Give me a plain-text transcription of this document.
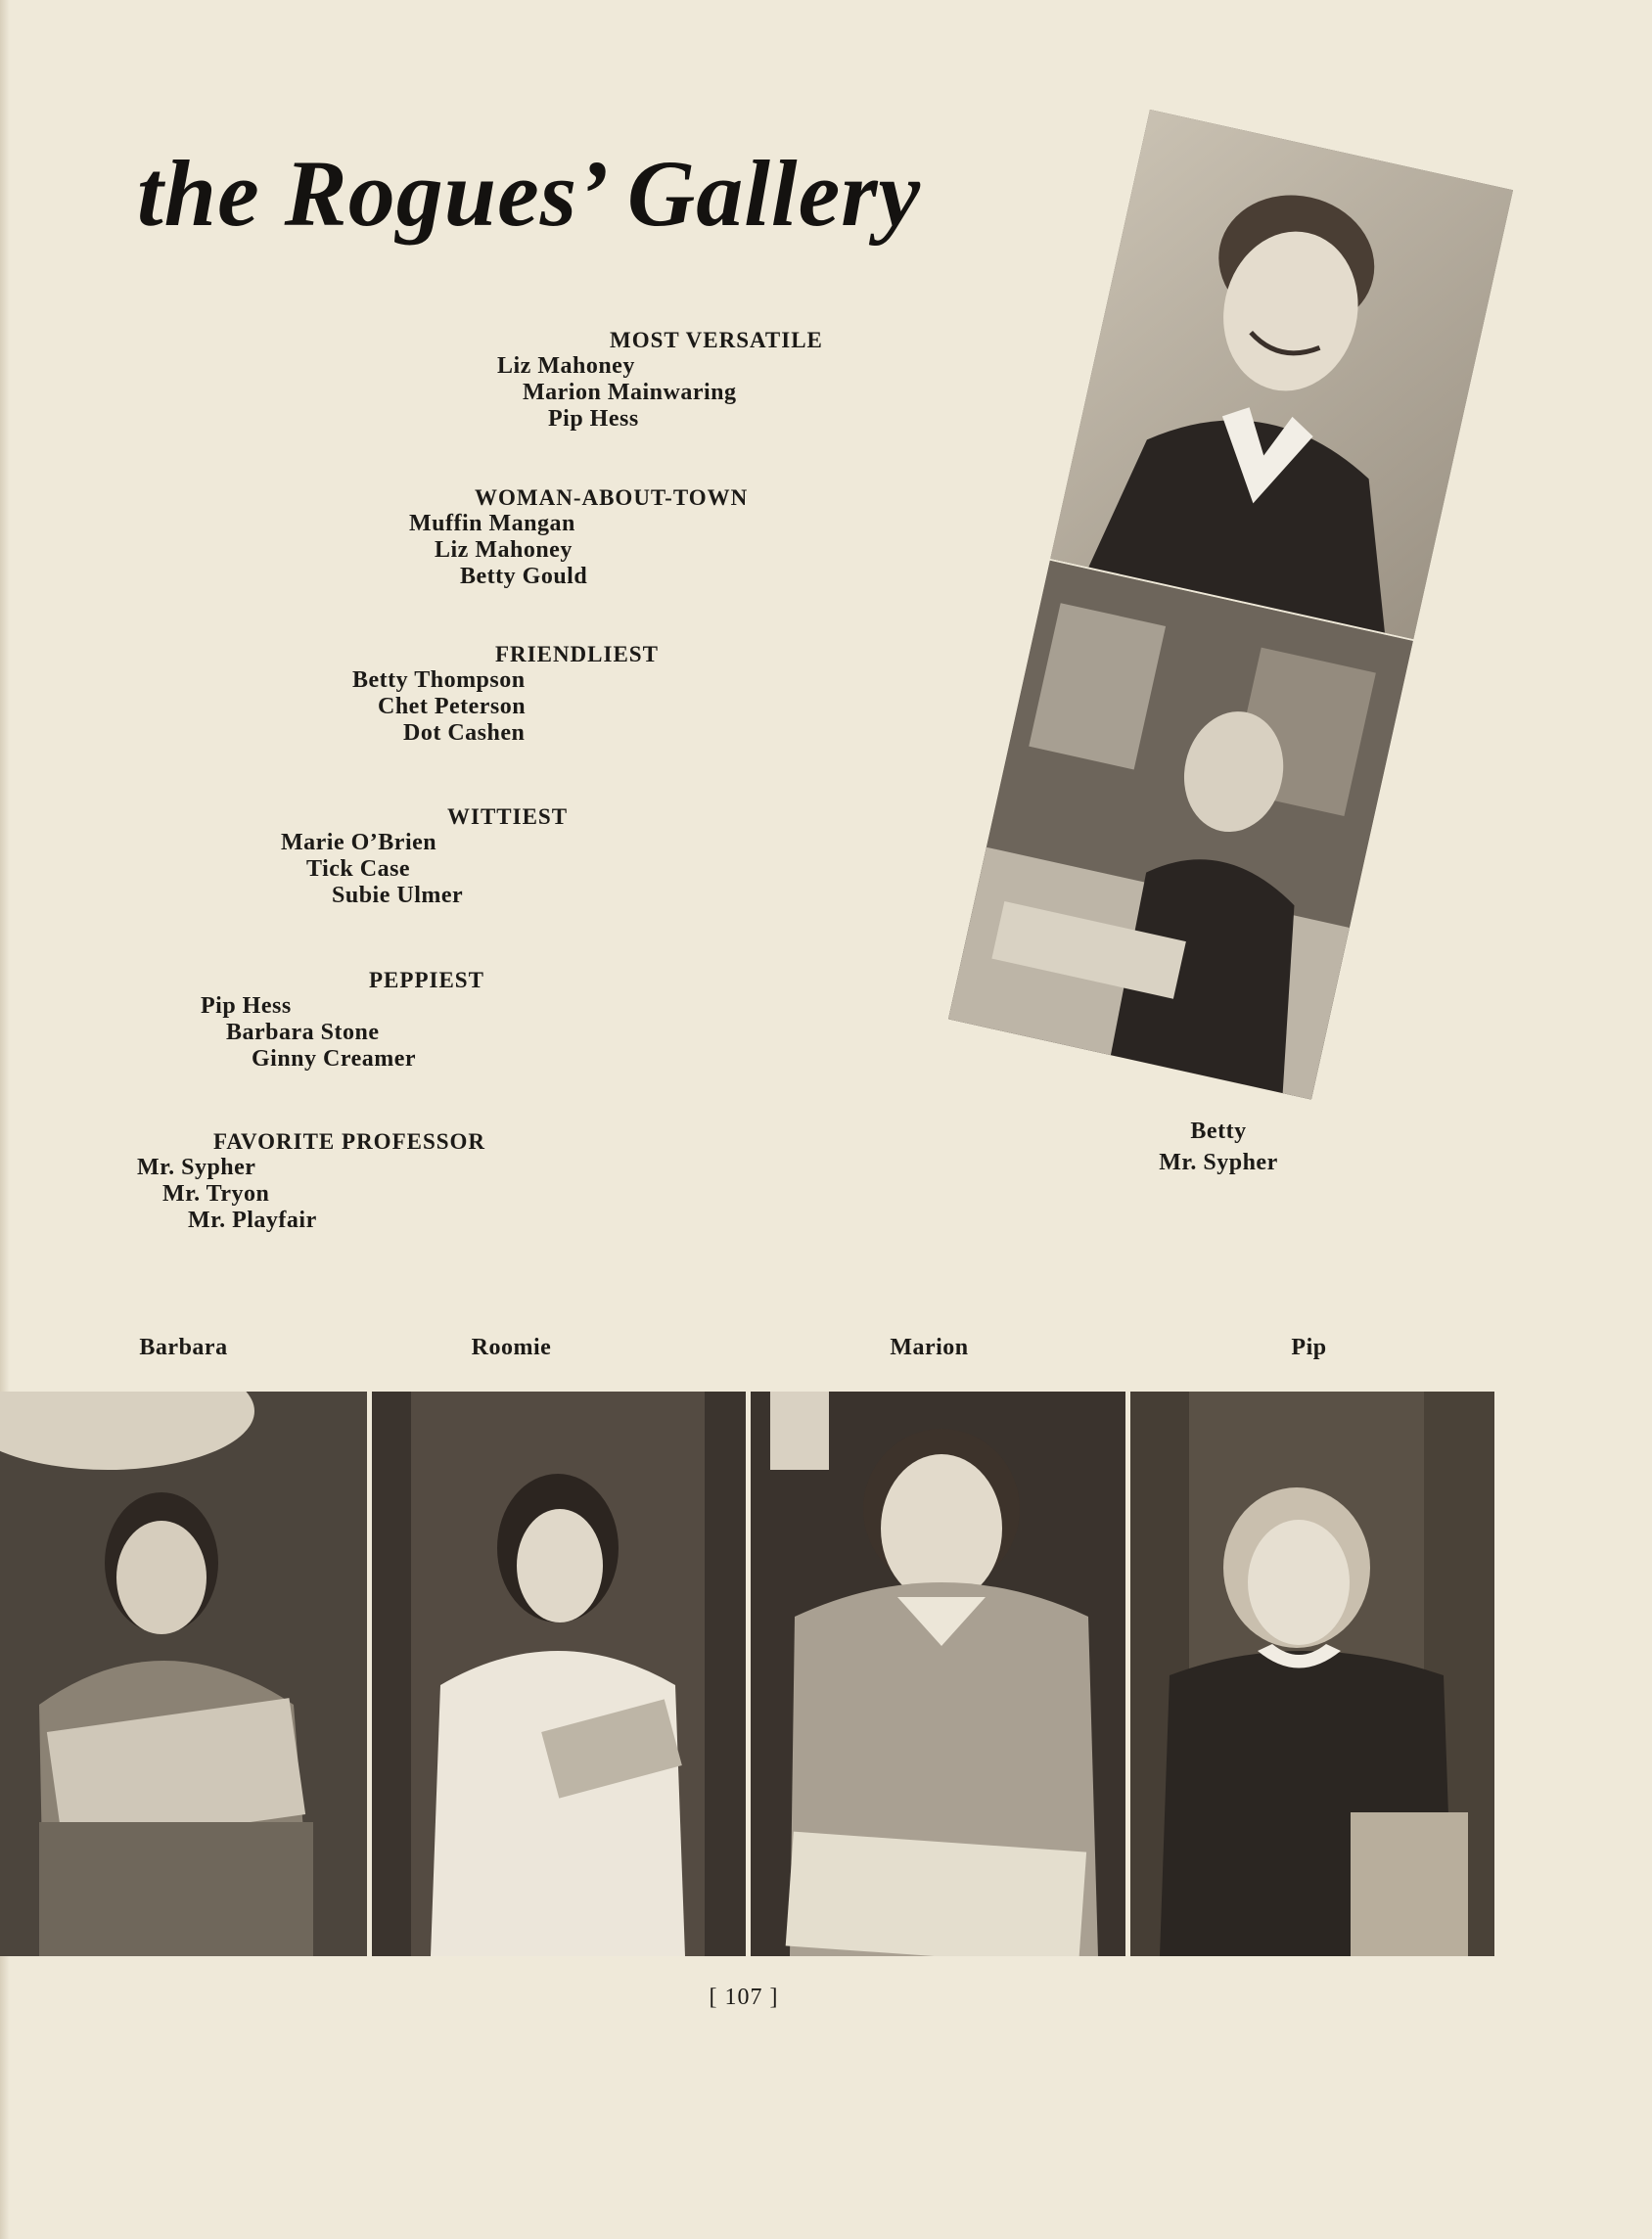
the Rogues’ Gallery
MOST VERSATILE
Liz Mahoney
Marion Mainwaring
Pip Hess
WOMAN-ABOUT-TOWN
Muffin Mangan
Liz Mahoney
Betty Gould
FRIENDLIEST
Betty Thompson
Chet Peterson
Dot Cashen
WITTIEST
Marie O’Brien
Tick Case
Subie Ulmer
PEPPIEST
Pip Hess
Barbara Stone
Ginny Creamer
FAVORITE PROFESSOR
Mr. Sypher
Mr. Tryon
Mr. Playfair
Betty
Mr. Sypher
Barbara	Roomie	Marion	Pip
[ 107 ]
